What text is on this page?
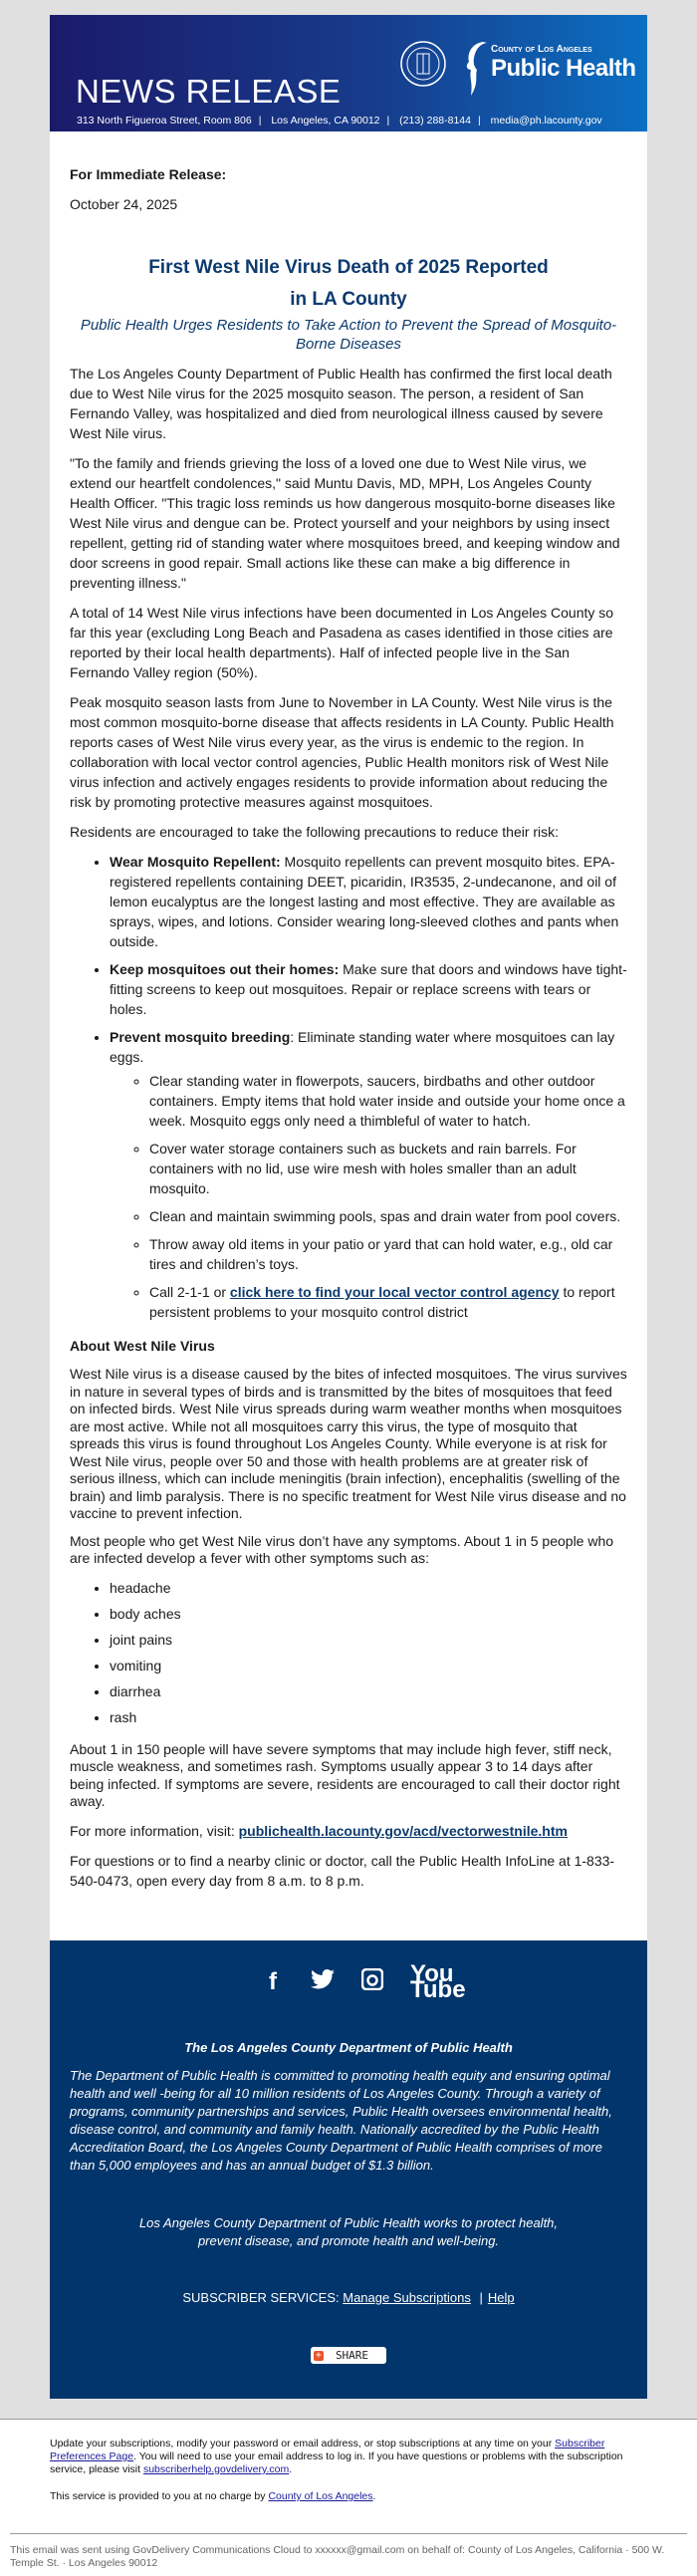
County of Los Angeles
Public Health
NEWS RELEASE
313 North Figueroa Street, Room 806 | Los Angeles, CA 90012 | (213) 288-8144 | media@ph.lacounty.gov

For Immediate Release:

October 24, 2025

First West Nile Virus Death of 2025 Reported
in LA County

Public Health Urges Residents to Take Action to Prevent the Spread of Mosquito-Borne Diseases

The Los Angeles County Department of Public Health has confirmed the first local death due to West Nile virus for the 2025 mosquito season. The person, a resident of San Fernando Valley, was hospitalized and died from neurological illness caused by severe West Nile virus.

"To the family and friends grieving the loss of a loved one due to West Nile virus, we extend our heartfelt condolences," said Muntu Davis, MD, MPH, Los Angeles County Health Officer. "This tragic loss reminds us how dangerous mosquito-borne diseases like West Nile virus and dengue can be. Protect yourself and your neighbors by using insect repellent, getting rid of standing water where mosquitoes breed, and keeping window and door screens in good repair. Small actions like these can make a big difference in preventing illness."

A total of 14 West Nile virus infections have been documented in Los Angeles County so far this year (excluding Long Beach and Pasadena as cases identified in those cities are reported by their local health departments). Half of infected people live in the San Fernando Valley region (50%).

Peak mosquito season lasts from June to November in LA County. West Nile virus is the most common mosquito-borne disease that affects residents in LA County. Public Health reports cases of West Nile virus every year, as the virus is endemic to the region. In collaboration with local vector control agencies, Public Health monitors risk of West Nile virus infection and actively engages residents to provide information about reducing the risk by promoting protective measures against mosquitoes.

Residents are encouraged to take the following precautions to reduce their risk:

• Wear Mosquito Repellent: Mosquito repellents can prevent mosquito bites. EPA-registered repellents containing DEET, picaridin, IR3535, 2-undecanone, and oil of lemon eucalyptus are the longest lasting and most effective. They are available as sprays, wipes, and lotions. Consider wearing long-sleeved clothes and pants when outside.
• Keep mosquitoes out their homes: Make sure that doors and windows have tight-fitting screens to keep out mosquitoes. Repair or replace screens with tears or holes.
• Prevent mosquito breeding: Eliminate standing water where mosquitoes can lay eggs.
◦ Clear standing water in flowerpots, saucers, birdbaths and other outdoor containers. Empty items that hold water inside and outside your home once a week. Mosquito eggs only need a thimbleful of water to hatch.
◦ Cover water storage containers such as buckets and rain barrels. For containers with no lid, use wire mesh with holes smaller than an adult mosquito.
◦ Clean and maintain swimming pools, spas and drain water from pool covers.
◦ Throw away old items in your patio or yard that can hold water, e.g., old car tires and children’s toys.
◦ Call 2-1-1 or click here to find your local vector control agency to report persistent problems to your mosquito control district

About West Nile Virus

West Nile virus is a disease caused by the bites of infected mosquitoes. The virus survives in nature in several types of birds and is transmitted by the bites of mosquitoes that feed on infected birds. West Nile virus spreads during warm weather months when mosquitoes are most active. While not all mosquitoes carry this virus, the type of mosquito that spreads this virus is found throughout Los Angeles County. While everyone is at risk for West Nile virus, people over 50 and those with health problems are at greater risk of serious illness, which can include meningitis (brain infection), encephalitis (swelling of the brain) and limb paralysis. There is no specific treatment for West Nile virus disease and no vaccine to prevent infection.

Most people who get West Nile virus don’t have any symptoms. About 1 in 5 people who are infected develop a fever with other symptoms such as:

• headache
• body aches
• joint pains
• vomiting
• diarrhea
• rash

About 1 in 150 people will have severe symptoms that may include high fever, stiff neck, muscle weakness, and sometimes rash. Symptoms usually appear 3 to 14 days after being infected. If symptoms are severe, residents are encouraged to call their doctor right away.

For more information, visit: publichealth.lacounty.gov/acd/vectorwestnile.htm

For questions or to find a nearby clinic or doctor, call the Public Health InfoLine at 1-833-540-0473, open every day from 8 a.m. to 8 p.m.

f	You Tube
The Los Angeles County Department of Public Health
The Department of Public Health is committed to promoting health equity and ensuring optimal health and well -being for all 10 million residents of Los Angeles County. Through a variety of programs, community partnerships and services, Public Health oversees environmental health, disease control, and community and family health. Nationally accredited by the Public Health Accreditation Board, the Los Angeles County Department of Public Health comprises of more than 5,000 employees and has an annual budget of $1.3 billion.
Los Angeles County Department of Public Health works to protect health,
prevent disease, and promote health and well-being.
SUBSCRIBER SERVICES: Manage Subscriptions | Help
+ SHARE

Update your subscriptions, modify your password or email address, or stop subscriptions at any time on your Subscriber Preferences Page. You will need to use your email address to log in. If you have questions or problems with the subscription service, please visit subscriberhelp.govdelivery.com.

This service is provided to you at no charge by County of Los Angeles.

This email was sent using GovDelivery Communications Cloud to xxxxxx@gmail.com on behalf of: County of Los Angeles, California · 500 W. Temple St. · Los Angeles 90012
